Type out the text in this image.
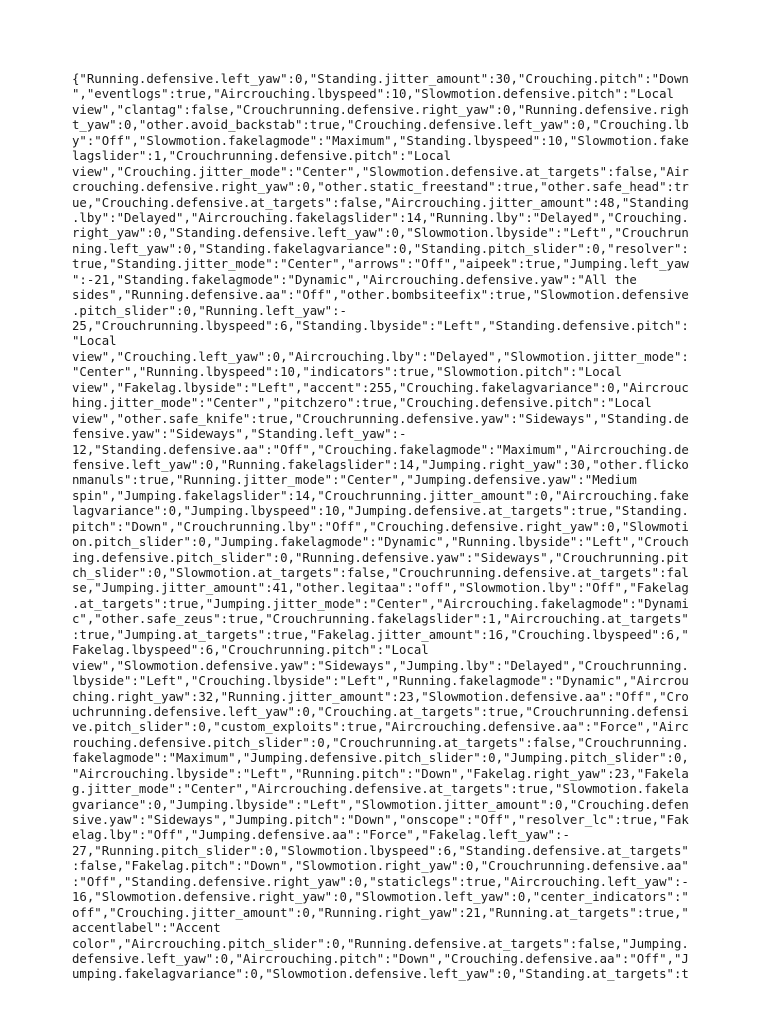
{"Running.defensive.left_yaw":0,"Standing.jitter_amount":30,"Crouching.pitch":"Down
","eventlogs":true,"Aircrouching.lbyspeed":10,"Slowmotion.defensive.pitch":"Local
view","clantag":false,"Crouchrunning.defensive.right_yaw":0,"Running.defensive.righ
t_yaw":0,"other.avoid_backstab":true,"Crouching.defensive.left_yaw":0,"Crouching.lb
y":"Off","Slowmotion.fakelagmode":"Maximum","Standing.lbyspeed":10,"Slowmotion.fake
lagslider":1,"Crouchrunning.defensive.pitch":"Local
view","Crouching.jitter_mode":"Center","Slowmotion.defensive.at_targets":false,"Air
crouching.defensive.right_yaw":0,"other.static_freestand":true,"other.safe_head":tr
ue,"Crouching.defensive.at_targets":false,"Aircrouching.jitter_amount":48,"Standing
.lby":"Delayed","Aircrouching.fakelagslider":14,"Running.lby":"Delayed","Crouching.
right_yaw":0,"Standing.defensive.left_yaw":0,"Slowmotion.lbyside":"Left","Crouchrun
ning.left_yaw":0,"Standing.fakelagvariance":0,"Standing.pitch_slider":0,"resolver":
true,"Standing.jitter_mode":"Center","arrows":"Off","aipeek":true,"Jumping.left_yaw
":-21,"Standing.fakelagmode":"Dynamic","Aircrouching.defensive.yaw":"All the
sides","Running.defensive.aa":"Off","other.bombsiteefix":true,"Slowmotion.defensive
.pitch_slider":0,"Running.left_yaw":-
25,"Crouchrunning.lbyspeed":6,"Standing.lbyside":"Left","Standing.defensive.pitch":
"Local
view","Crouching.left_yaw":0,"Aircrouching.lby":"Delayed","Slowmotion.jitter_mode":
"Center","Running.lbyspeed":10,"indicators":true,"Slowmotion.pitch":"Local
view","Fakelag.lbyside":"Left","accent":255,"Crouching.fakelagvariance":0,"Aircrouc
hing.jitter_mode":"Center","pitchzero":true,"Crouching.defensive.pitch":"Local
view","other.safe_knife":true,"Crouchrunning.defensive.yaw":"Sideways","Standing.de
fensive.yaw":"Sideways","Standing.left_yaw":-
12,"Standing.defensive.aa":"Off","Crouching.fakelagmode":"Maximum","Aircrouching.de
fensive.left_yaw":0,"Running.fakelagslider":14,"Jumping.right_yaw":30,"other.flicko
nmanuls":true,"Running.jitter_mode":"Center","Jumping.defensive.yaw":"Medium
spin","Jumping.fakelagslider":14,"Crouchrunning.jitter_amount":0,"Aircrouching.fake
lagvariance":0,"Jumping.lbyspeed":10,"Jumping.defensive.at_targets":true,"Standing.
pitch":"Down","Crouchrunning.lby":"Off","Crouching.defensive.right_yaw":0,"Slowmoti
on.pitch_slider":0,"Jumping.fakelagmode":"Dynamic","Running.lbyside":"Left","Crouch
ing.defensive.pitch_slider":0,"Running.defensive.yaw":"Sideways","Crouchrunning.pit
ch_slider":0,"Slowmotion.at_targets":false,"Crouchrunning.defensive.at_targets":fal
se,"Jumping.jitter_amount":41,"other.legitaa":"off","Slowmotion.lby":"Off","Fakelag
.at_targets":true,"Jumping.jitter_mode":"Center","Aircrouching.fakelagmode":"Dynami
c","other.safe_zeus":true,"Crouchrunning.fakelagslider":1,"Aircrouching.at_targets"
:true,"Jumping.at_targets":true,"Fakelag.jitter_amount":16,"Crouching.lbyspeed":6,"
Fakelag.lbyspeed":6,"Crouchrunning.pitch":"Local
view","Slowmotion.defensive.yaw":"Sideways","Jumping.lby":"Delayed","Crouchrunning.
lbyside":"Left","Crouching.lbyside":"Left","Running.fakelagmode":"Dynamic","Aircrou
ching.right_yaw":32,"Running.jitter_amount":23,"Slowmotion.defensive.aa":"Off","Cro
uchrunning.defensive.left_yaw":0,"Crouching.at_targets":true,"Crouchrunning.defensi
ve.pitch_slider":0,"custom_exploits":true,"Aircrouching.defensive.aa":"Force","Airc
rouching.defensive.pitch_slider":0,"Crouchrunning.at_targets":false,"Crouchrunning.
fakelagmode":"Maximum","Jumping.defensive.pitch_slider":0,"Jumping.pitch_slider":0,
"Aircrouching.lbyside":"Left","Running.pitch":"Down","Fakelag.right_yaw":23,"Fakela
g.jitter_mode":"Center","Aircrouching.defensive.at_targets":true,"Slowmotion.fakela
gvariance":0,"Jumping.lbyside":"Left","Slowmotion.jitter_amount":0,"Crouching.defen
sive.yaw":"Sideways","Jumping.pitch":"Down","onscope":"Off","resolver_lc":true,"Fak
elag.lby":"Off","Jumping.defensive.aa":"Force","Fakelag.left_yaw":-
27,"Running.pitch_slider":0,"Slowmotion.lbyspeed":6,"Standing.defensive.at_targets"
:false,"Fakelag.pitch":"Down","Slowmotion.right_yaw":0,"Crouchrunning.defensive.aa"
:"Off","Standing.defensive.right_yaw":0,"staticlegs":true,"Aircrouching.left_yaw":-
16,"Slowmotion.defensive.right_yaw":0,"Slowmotion.left_yaw":0,"center_indicators":"
off","Crouching.jitter_amount":0,"Running.right_yaw":21,"Running.at_targets":true,"
accentlabel":"Accent
color","Aircrouching.pitch_slider":0,"Running.defensive.at_targets":false,"Jumping.
defensive.left_yaw":0,"Aircrouching.pitch":"Down","Crouching.defensive.aa":"Off","J
umping.fakelagvariance":0,"Slowmotion.defensive.left_yaw":0,"Standing.at_targets":t
